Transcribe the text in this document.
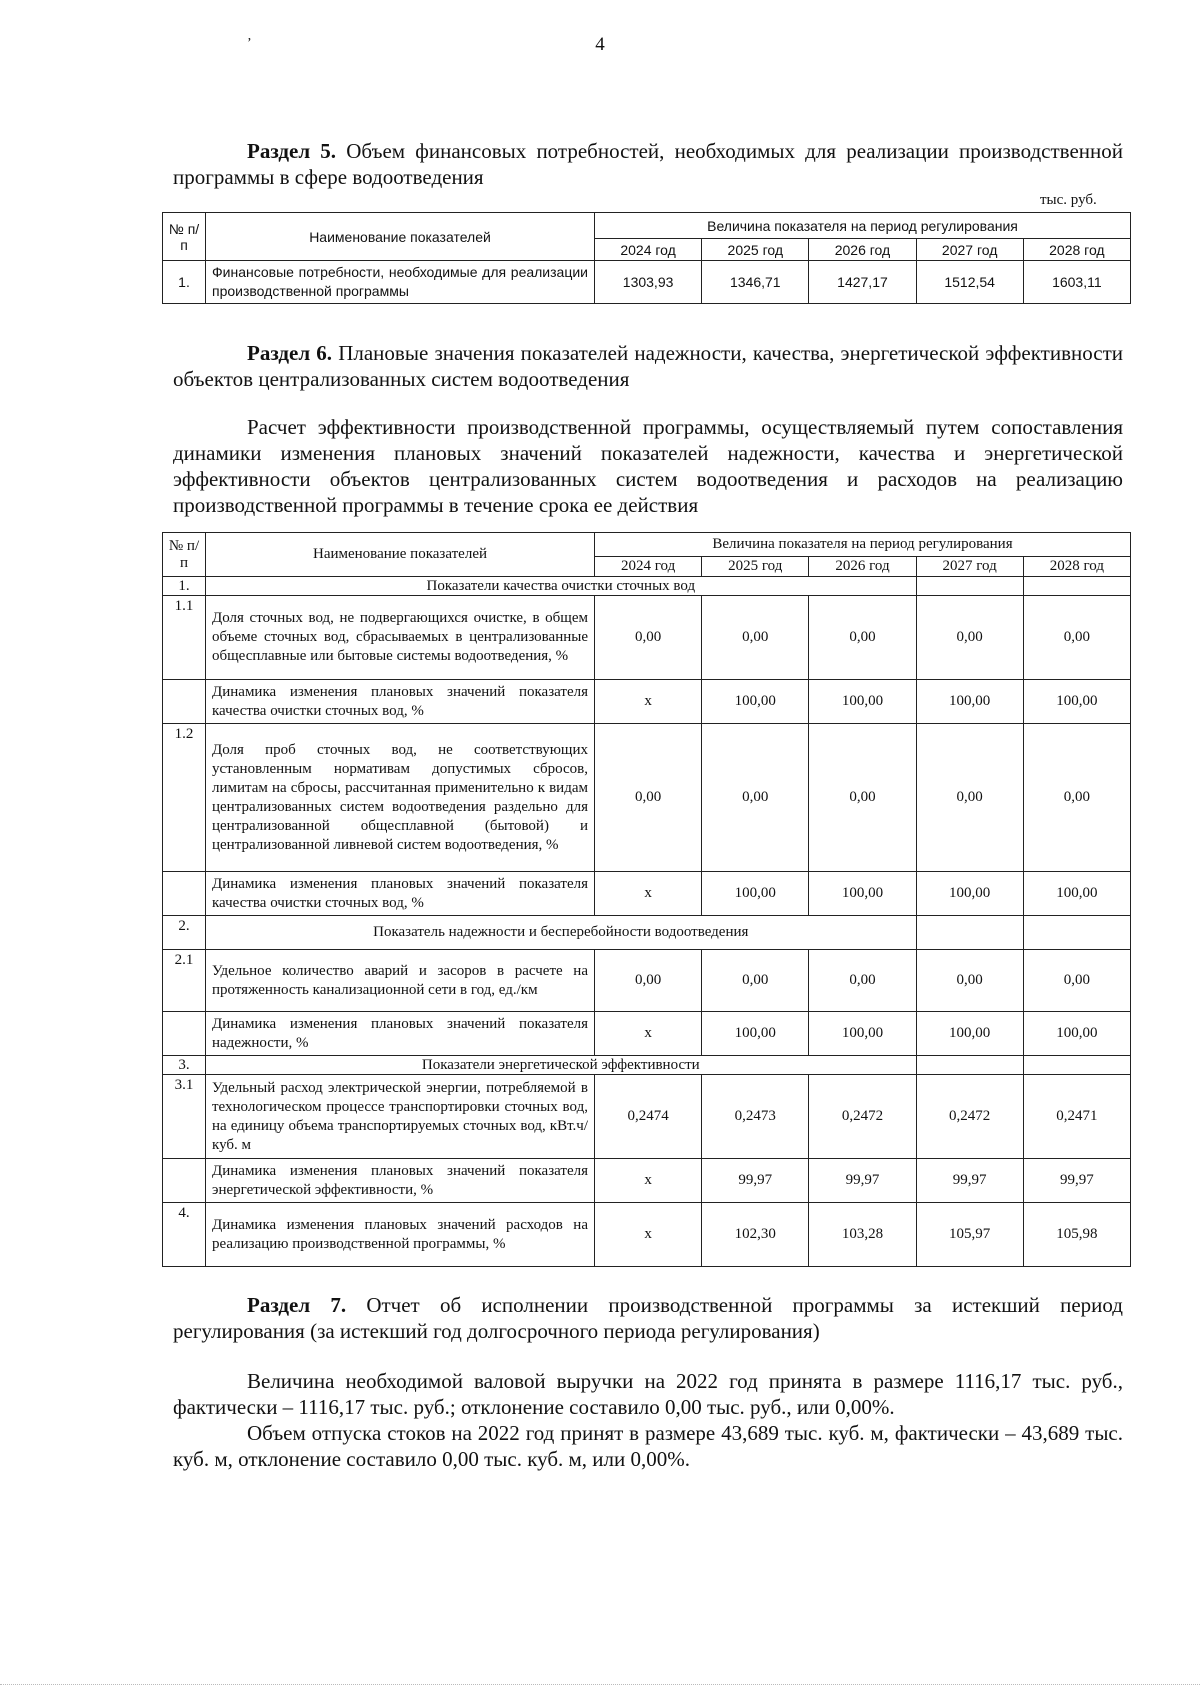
’	4
Раздел 5. Объем финансовых потребностей, необходимых для реализации производственной программы в сфере водоотведения
тыс. руб.
№ п/п	Наименование показателей	Величина показателя на период регулирования				
		2024 год	2025 год	2026 год	2027 год	2028 год
1.	Финансовые потребности, необходимые для реализации производственной программы	1303,93	1346,71	1427,17	1512,54	1603,11
Раздел 6. Плановые значения показателей надежности, качества, энергетической эффективности объектов централизованных систем водоотведения
Расчет эффективности производственной программы, осуществляемый путем сопоставления динамики изменения плановых значений показателей надежности, качества и энергетической эффективности объектов централизованных систем водоотведения и расходов на реализацию производственной программы в течение срока ее действия
№ п/п	Наименование показателей	Величина показателя на период регулирования				
		2024 год	2025 год	2026 год	2027 год	2028 год
1.	Показатели качества очистки сточных вод					
1.1	Доля сточных вод, не подвергающихся очистке, в общем объеме сточных вод, сбрасываемых в централизованные общесплавные или бытовые системы водоотведения, %	0,00	0,00	0,00	0,00	0,00
	Динамика изменения плановых значений показателя качества очистки сточных вод, %	x	100,00	100,00	100,00	100,00
1.2	Доля проб сточных вод, не соответствующих установленным нормативам допустимых сбросов, лимитам на сбросы, рассчитанная применительно к видам централизованных систем водоотведения раздельно для централизованной общесплавной (бытовой) и централизованной ливневой систем водоотведения, %	0,00	0,00	0,00	0,00	0,00
	Динамика изменения плановых значений показателя качества очистки сточных вод, %	x	100,00	100,00	100,00	100,00
2.	Показатель надежности и бесперебойности водоотведения					
2.1	Удельное количество аварий и засоров в расчете на протяженность канализационной сети в год, ед./км	0,00	0,00	0,00	0,00	0,00
	Динамика изменения плановых значений показателя надежности, %	x	100,00	100,00	100,00	100,00
3.	Показатели энергетической эффективности					
3.1	Удельный расход электрической энергии, потребляемой в технологическом процессе транспортировки сточных вод, на единицу объема транспортируемых сточных вод, кВт.ч/куб. м	0,2474	0,2473	0,2472	0,2472	0,2471
	Динамика изменения плановых значений показателя энергетической эффективности, %	x	99,97	99,97	99,97	99,97
4.	Динамика изменения плановых значений расходов на реализацию производственной программы, %	x	102,30	103,28	105,97	105,98
Раздел 7. Отчет об исполнении производственной программы за истекший период регулирования (за истекший год долгосрочного периода регулирования)
Величина необходимой валовой выручки на 2022 год принята в размере 1116,17 тыс. руб., фактически – 1116,17 тыс. руб.; отклонение составило 0,00 тыс. руб., или 0,00%.
Объем отпуска стоков на 2022 год принят в размере 43,689 тыс. куб. м, фактически – 43,689 тыс. куб. м, отклонение составило 0,00 тыс. куб. м, или 0,00%.
